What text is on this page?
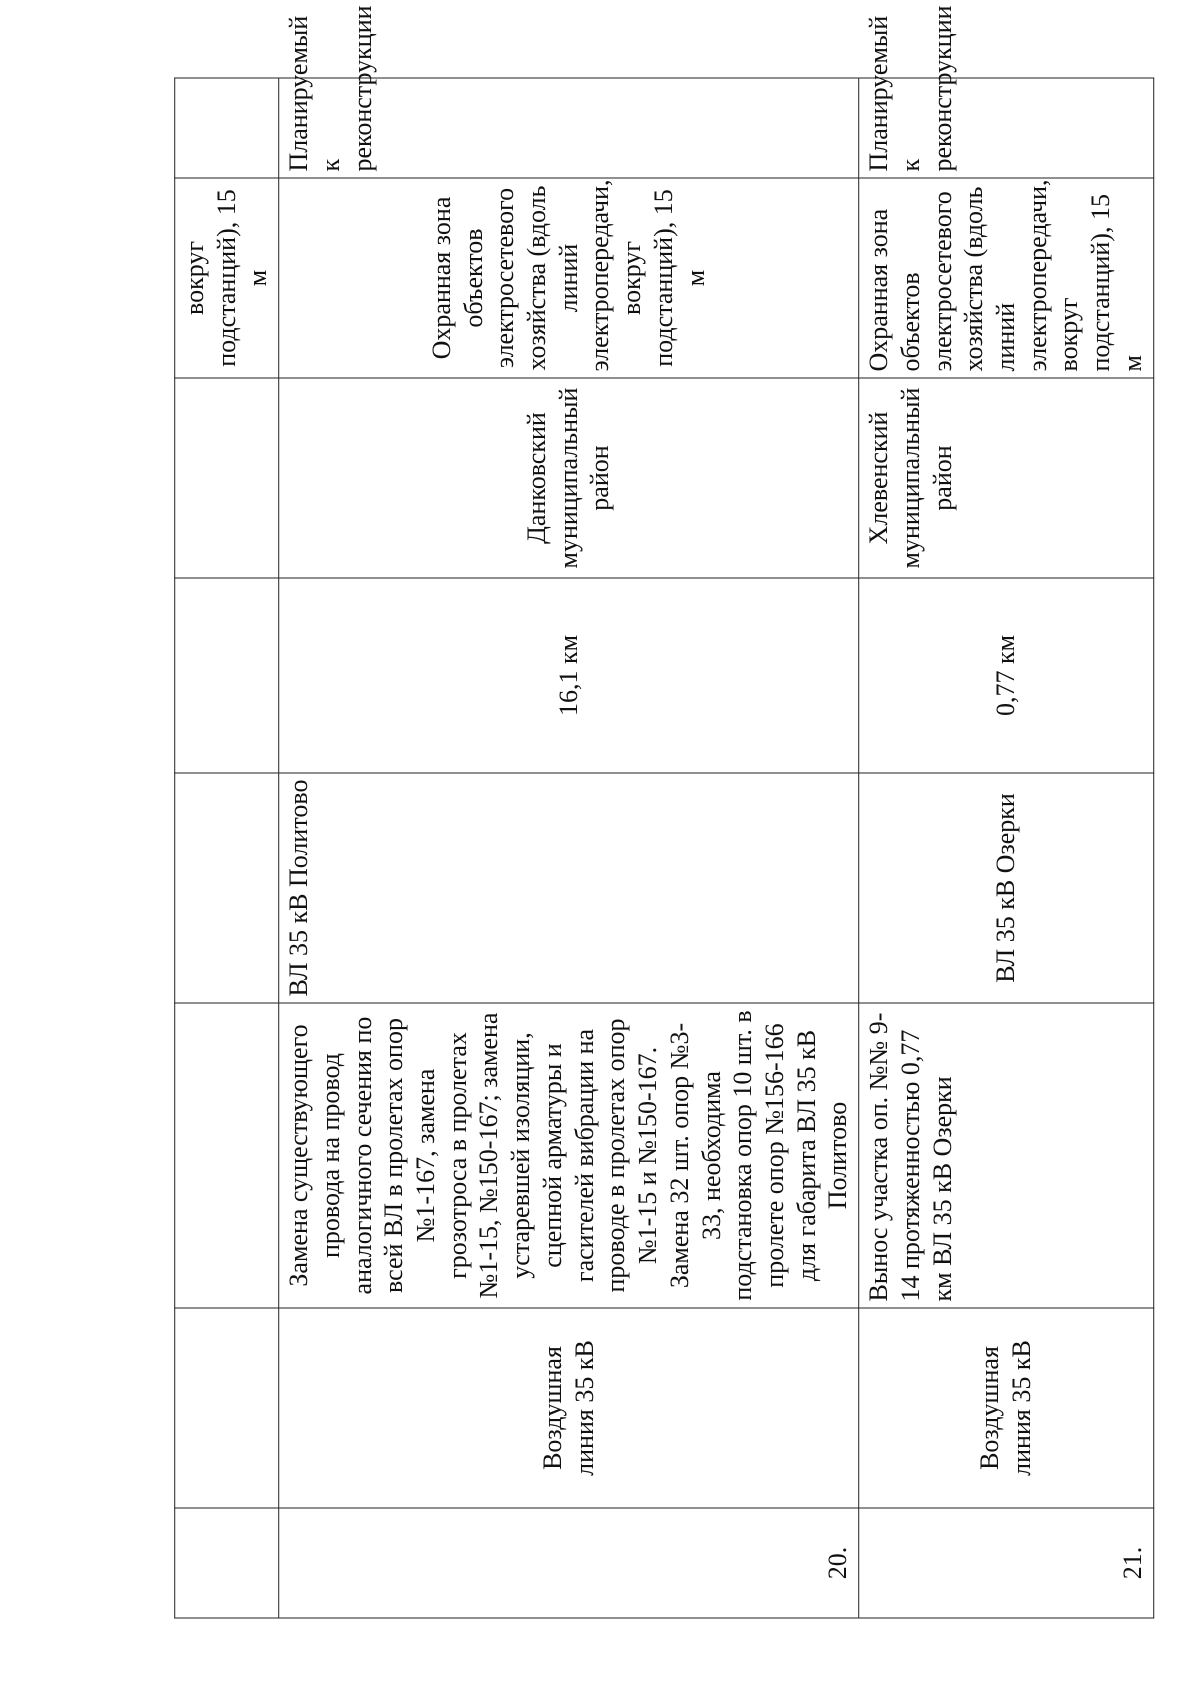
						вокруг подстанций), 15 м	
20.	Воздушная линия 35 кВ	Замена существующего провода на провод аналогичного сечения по всей ВЛ в пролетах опор №1-167, замена грозотроса в пролетах №1-15, №150-167; замена устаревшей изоляции, сцепной арматуры и гасителей вибрации на проводе в пролетах опор №1-15 и №150-167. Замена 32 шт. опор №3-33, необходима подстановка опор 10 шт. в пролете опор №156-166 для габарита ВЛ 35 кВ Политово	ВЛ 35 кВ Политово	16,1 км	Данковский муниципальный район	Охранная зона объектов электросетевого хозяйства (вдоль линий электропередачи, вокруг подстанций), 15 м	Планируемый к реконструкции
21.	Воздушная линия 35 кВ	Вынос участка оп. №№ 9-14 протяженностью 0,77 км ВЛ 35 кВ Озерки	ВЛ 35 кВ Озерки	0,77 км	Хлевенский муниципальный район	Охранная зона объектов электросетевого хозяйства (вдоль линий электропередачи, вокруг подстанций), 15 м	Планируемый к реконструкции
